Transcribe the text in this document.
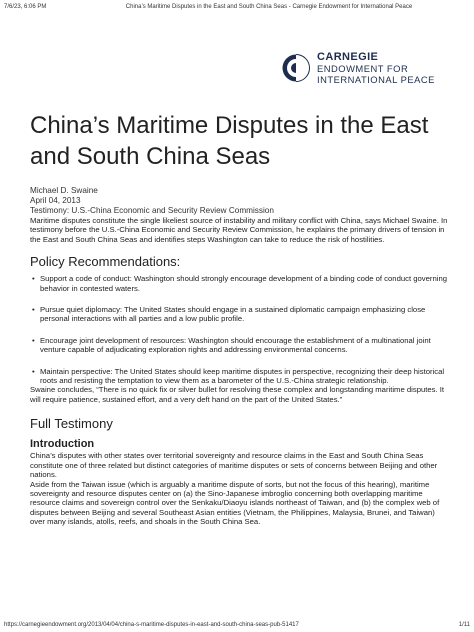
7/6/23, 6:06 PM	China’s Maritime Disputes in the East and South China Seas - Carnegie Endowment for International Peace
CARNEGIE
ENDOWMENT FOR
INTERNATIONAL PEACE
China’s Maritime Disputes in the East and South China Seas
Michael D. Swaine
April 04, 2013
Testimony: U.S.-China Economic and Security Review Commission

Maritime disputes constitute the single likeliest source of instability and military conflict with China, says Michael Swaine. In testimony before the U.S.-China Economic and Security Review Commission, he explains the primary drivers of tension in the East and South China Seas and identifies steps Washington can take to reduce the risk of hostilities.

Policy Recommendations:
• Support a code of conduct: Washington should strongly encourage development of a binding code of conduct governing behavior in contested waters.
• Pursue quiet diplomacy: The United States should engage in a sustained diplomatic campaign emphasizing close personal interactions with all parties and a low public profile.
• Encourage joint development of resources: Washington should encourage the establishment of a multinational joint venture capable of adjudicating exploration rights and addressing environmental concerns.
• Maintain perspective: The United States should keep maritime disputes in perspective, recognizing their deep historical roots and resisting the temptation to view them as a barometer of the U.S.-China strategic relationship.

Swaine concludes, “There is no quick fix or silver bullet for resolving these complex and longstanding maritime disputes. It will require patience, sustained effort, and a very deft hand on the part of the United States.”

Full Testimony
Introduction

China’s disputes with other states over territorial sovereignty and resource claims in the East and South China Seas constitute one of three related but distinct categories of maritime disputes or sets of concerns between Beijing and other nations.

Aside from the Taiwan issue (which is arguably a maritime dispute of sorts, but not the focus of this hearing), maritime sovereignty and resource disputes center on (a) the Sino-Japanese imbroglio concerning both overlapping maritime resource claims and sovereign control over the Senkaku/Diaoyu islands northeast of Taiwan, and (b) the complex web of disputes between Beijing and several Southeast Asian entities (Vietnam, the Philippines, Malaysia, Brunei, and Taiwan) over many islands, atolls, reefs, and shoals in the South China Sea.

https://carnegieendowment.org/2013/04/04/china-s-maritime-disputes-in-east-and-south-china-seas-pub-51417	1/11
